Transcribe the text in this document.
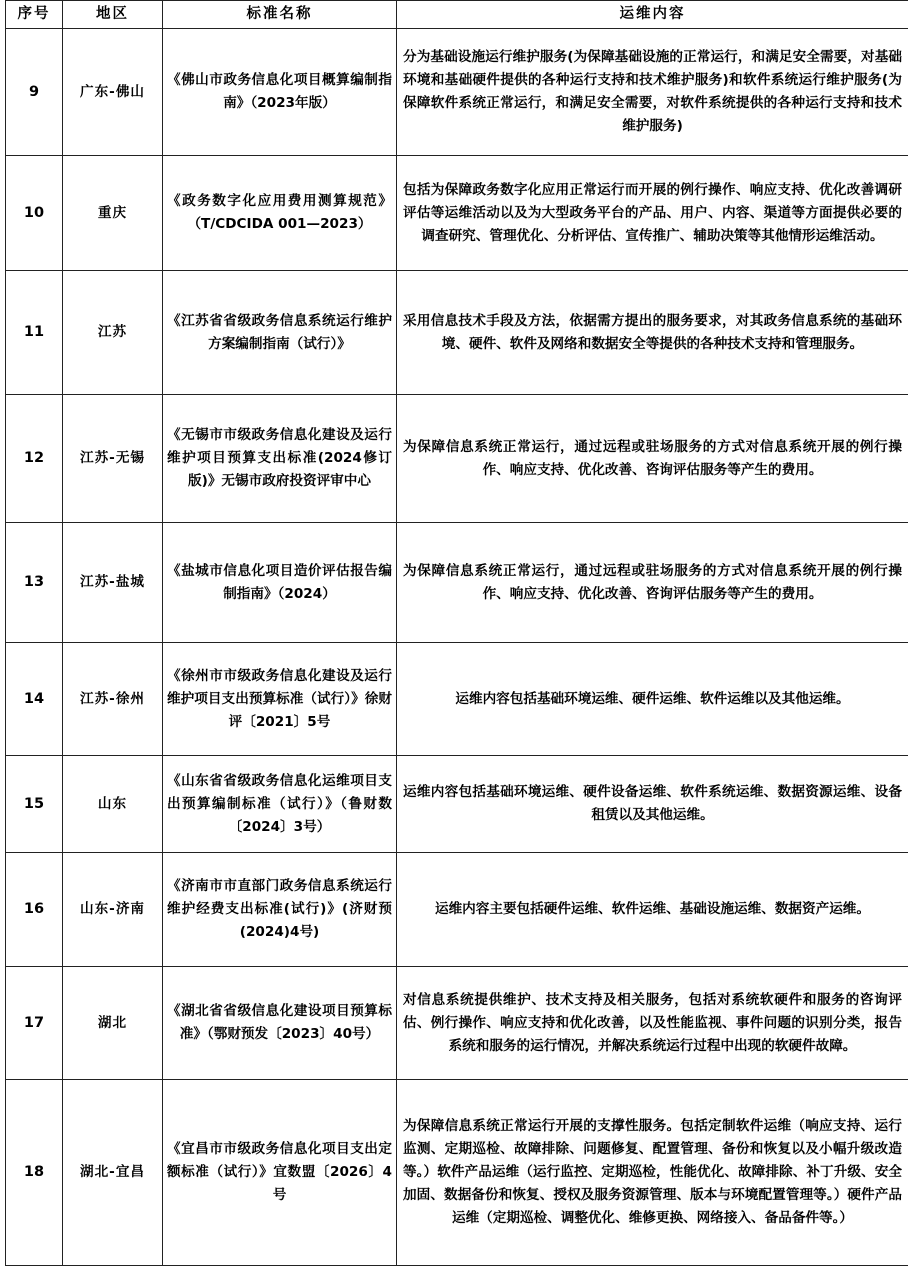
序号	地区	标准名称	运维内容
9	广东-佛山	《佛山市政务信息化项目概算编制指南》（2023年版）	分为基础设施运行维护服务(为保障基础设施的正常运行，和满足安全需要，对基础环境和基础硬件提供的各种运行支持和技术维护服务)和软件系统运行维护服务(为保障软件系统正常运行，和满足安全需要，对软件系统提供的各种运行支持和技术维护服务)

10	重庆	《政务数字化应用费用测算规范》（T/CDCIDA 001—2023）	包括为保障政务数字化应用正常运行而开展的例行操作、响应支持、优化改善调研评估等运维活动以及为大型政务平台的产品、用户、内容、渠道等方面提供必要的调查研究、管理优化、分析评估、宣传推广、辅助决策等其他情形运维活动。

11	江苏	《江苏省省级政务信息系统运行维护方案编制指南（试行）》	采用信息技术手段及方法，依据需方提出的服务要求，对其政务信息系统的基础环境、硬件、软件及网络和数据安全等提供的各种技术支持和管理服务。

12	江苏-无锡	《无锡市市级政务信息化建设及运行维护项目预算支出标准(2024修订版)》无锡市政府投资评审中心	为保障信息系统正常运行，通过远程或驻场服务的方式对信息系统开展的例行操作、响应支持、优化改善、咨询评估服务等产生的费用。

13	江苏-盐城	《盐城市信息化项目造价评估报告编制指南》（2024）	为保障信息系统正常运行，通过远程或驻场服务的方式对信息系统开展的例行操作、响应支持、优化改善、咨询评估服务等产生的费用。

14	江苏-徐州	《徐州市市级政务信息化建设及运行维护项目支出预算标准（试行）》徐财评〔2021〕5号	运维内容包括基础环境运维、硬件运维、软件运维以及其他运维。

15	山东	《山东省省级政务信息化运维项目支出预算编制标准（试行）》（鲁财数〔2024〕3号）	运维内容包括基础环境运维、硬件设备运维、软件系统运维、数据资源运维、设备租赁以及其他运维。

16	山东-济南	《济南市市直部门政务信息系统运行维护经费支出标准(试行)》(济财预(2024)4号)	运维内容主要包括硬件运维、软件运维、基础设施运维、数据资产运维。

17	湖北	《湖北省省级信息化建设项目预算标准》（鄂财预发〔2023〕40号）	对信息系统提供维护、技术支持及相关服务，包括对系统软硬件和服务的咨询评估、例行操作、响应支持和优化改善，以及性能监视、事件问题的识别分类，报告系统和服务的运行情况，并解决系统运行过程中出现的软硬件故障。

18	湖北-宜昌	《宜昌市市级政务信息化项目支出定额标准（试行）》宜数盟〔2026〕4 号	为保障信息系统正常运行开展的支撑性服务。包括定制软件运维（响应支持、运行监测、定期巡检、故障排除、问题修复、配置管理、备份和恢复以及小幅升级改造等。）软件产品运维（运行监控、定期巡检，性能优化、故障排除、补丁升级、安全加固、数据备份和恢复、授权及服务资源管理、版本与环境配置管理等。）硬件产品运维（定期巡检、调整优化、维修更换、网络接入、备品备件等。）
